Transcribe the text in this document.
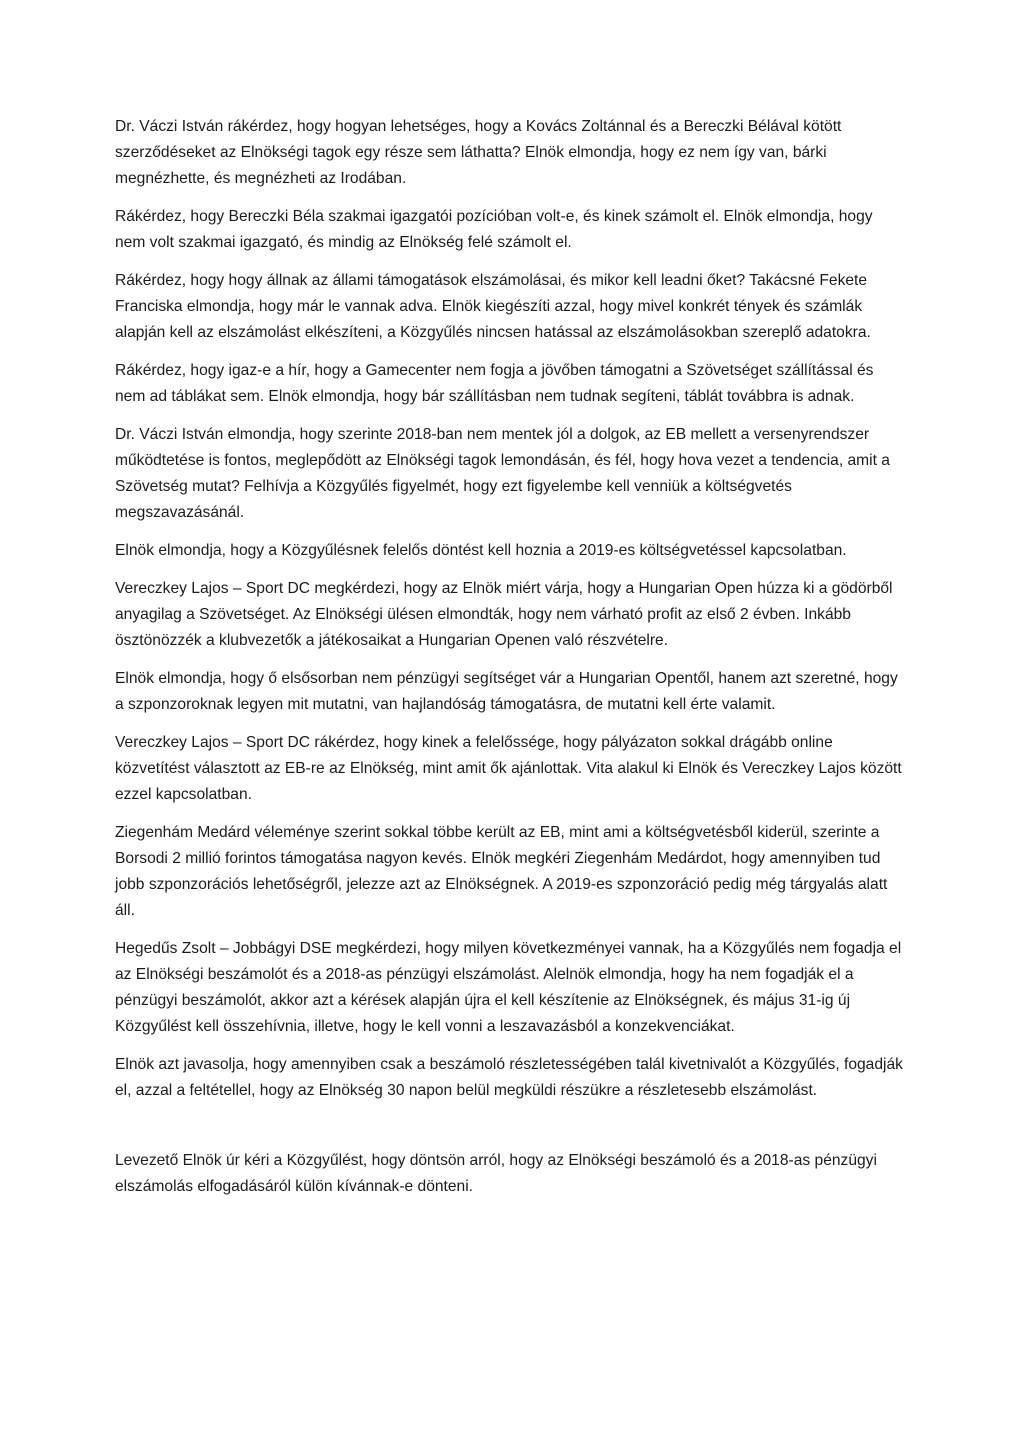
Dr. Váczi István rákérdez, hogy hogyan lehetséges, hogy a Kovács Zoltánnal és a Bereczki Bélával kötött szerződéseket az Elnökségi tagok egy része sem láthatta? Elnök elmondja, hogy ez nem így van, bárki megnézhette, és megnézheti az Irodában.

Rákérdez, hogy Bereczki Béla szakmai igazgatói pozícióban volt-e, és kinek számolt el. Elnök elmondja, hogy nem volt szakmai igazgató, és mindig az Elnökség felé számolt el.

Rákérdez, hogy hogy állnak az állami támogatások elszámolásai, és mikor kell leadni őket? Takácsné Fekete Franciska elmondja, hogy már le vannak adva. Elnök kiegészíti azzal, hogy mivel konkrét tények és számlák alapján kell az elszámolást elkészíteni, a Közgyűlés nincsen hatással az elszámolásokban szereplő adatokra.

Rákérdez, hogy igaz-e a hír, hogy a Gamecenter nem fogja a jövőben támogatni a Szövetséget szállítással és nem ad táblákat sem. Elnök elmondja, hogy bár szállításban nem tudnak segíteni, táblát továbbra is adnak.

Dr. Váczi István elmondja, hogy szerinte 2018-ban nem mentek jól a dolgok, az EB mellett a versenyrendszer működtetése is fontos, meglepődött az Elnökségi tagok lemondásán, és fél, hogy hova vezet a tendencia, amit a Szövetség mutat? Felhívja a Közgyűlés figyelmét, hogy ezt figyelembe kell venniük a költségvetés megszavazásánál.

Elnök elmondja, hogy a Közgyűlésnek felelős döntést kell hoznia a 2019-es költségvetéssel kapcsolatban.

Vereczkey Lajos – Sport DC megkérdezi, hogy az Elnök miért várja, hogy a Hungarian Open húzza ki a gödörből anyagilag a Szövetséget. Az Elnökségi ülésen elmondták, hogy nem várható profit az első 2 évben. Inkább ösztönözzék a klubvezetők a játékosaikat a Hungarian Openen való részvételre.

Elnök elmondja, hogy ő elsősorban nem pénzügyi segítséget vár a Hungarian Opentől, hanem azt szeretné, hogy a szponzoroknak legyen mit mutatni, van hajlandóság támogatásra, de mutatni kell érte valamit.

Vereczkey Lajos – Sport DC rákérdez, hogy kinek a felelőssége, hogy pályázaton sokkal drágább online közvetítést választott az EB-re az Elnökség, mint amit ők ajánlottak. Vita alakul ki Elnök és Vereczkey Lajos között ezzel kapcsolatban.

Ziegenhám Medárd véleménye szerint sokkal többe került az EB, mint ami a költségvetésből kiderül, szerinte a Borsodi 2 millió forintos támogatása nagyon kevés. Elnök megkéri Ziegenhám Medárdot, hogy amennyiben tud jobb szponzorációs lehetőségről, jelezze azt az Elnökségnek. A 2019-es szponzoráció pedig még tárgyalás alatt áll.

Hegedűs Zsolt – Jobbágyi DSE megkérdezi, hogy milyen következményei vannak, ha a Közgyűlés nem fogadja el az Elnökségi beszámolót és a 2018-as pénzügyi elszámolást. Alelnök elmondja, hogy ha nem fogadják el a pénzügyi beszámolót, akkor azt a kérések alapján újra el kell készítenie az Elnökségnek, és május 31-ig új Közgyűlést kell összehívnia, illetve, hogy le kell vonni a leszavazásból a konzekvenciákat.

Elnök azt javasolja, hogy amennyiben csak a beszámoló részletességében talál kivetnivalót a Közgyűlés, fogadják el, azzal a feltétellel, hogy az Elnökség 30 napon belül megküldi részükre a részletesebb elszámolást.

Levezető Elnök úr kéri a Közgyűlést, hogy döntsön arról, hogy az Elnökségi beszámoló és a 2018-as pénzügyi elszámolás elfogadásáról külön kívánnak-e dönteni.
